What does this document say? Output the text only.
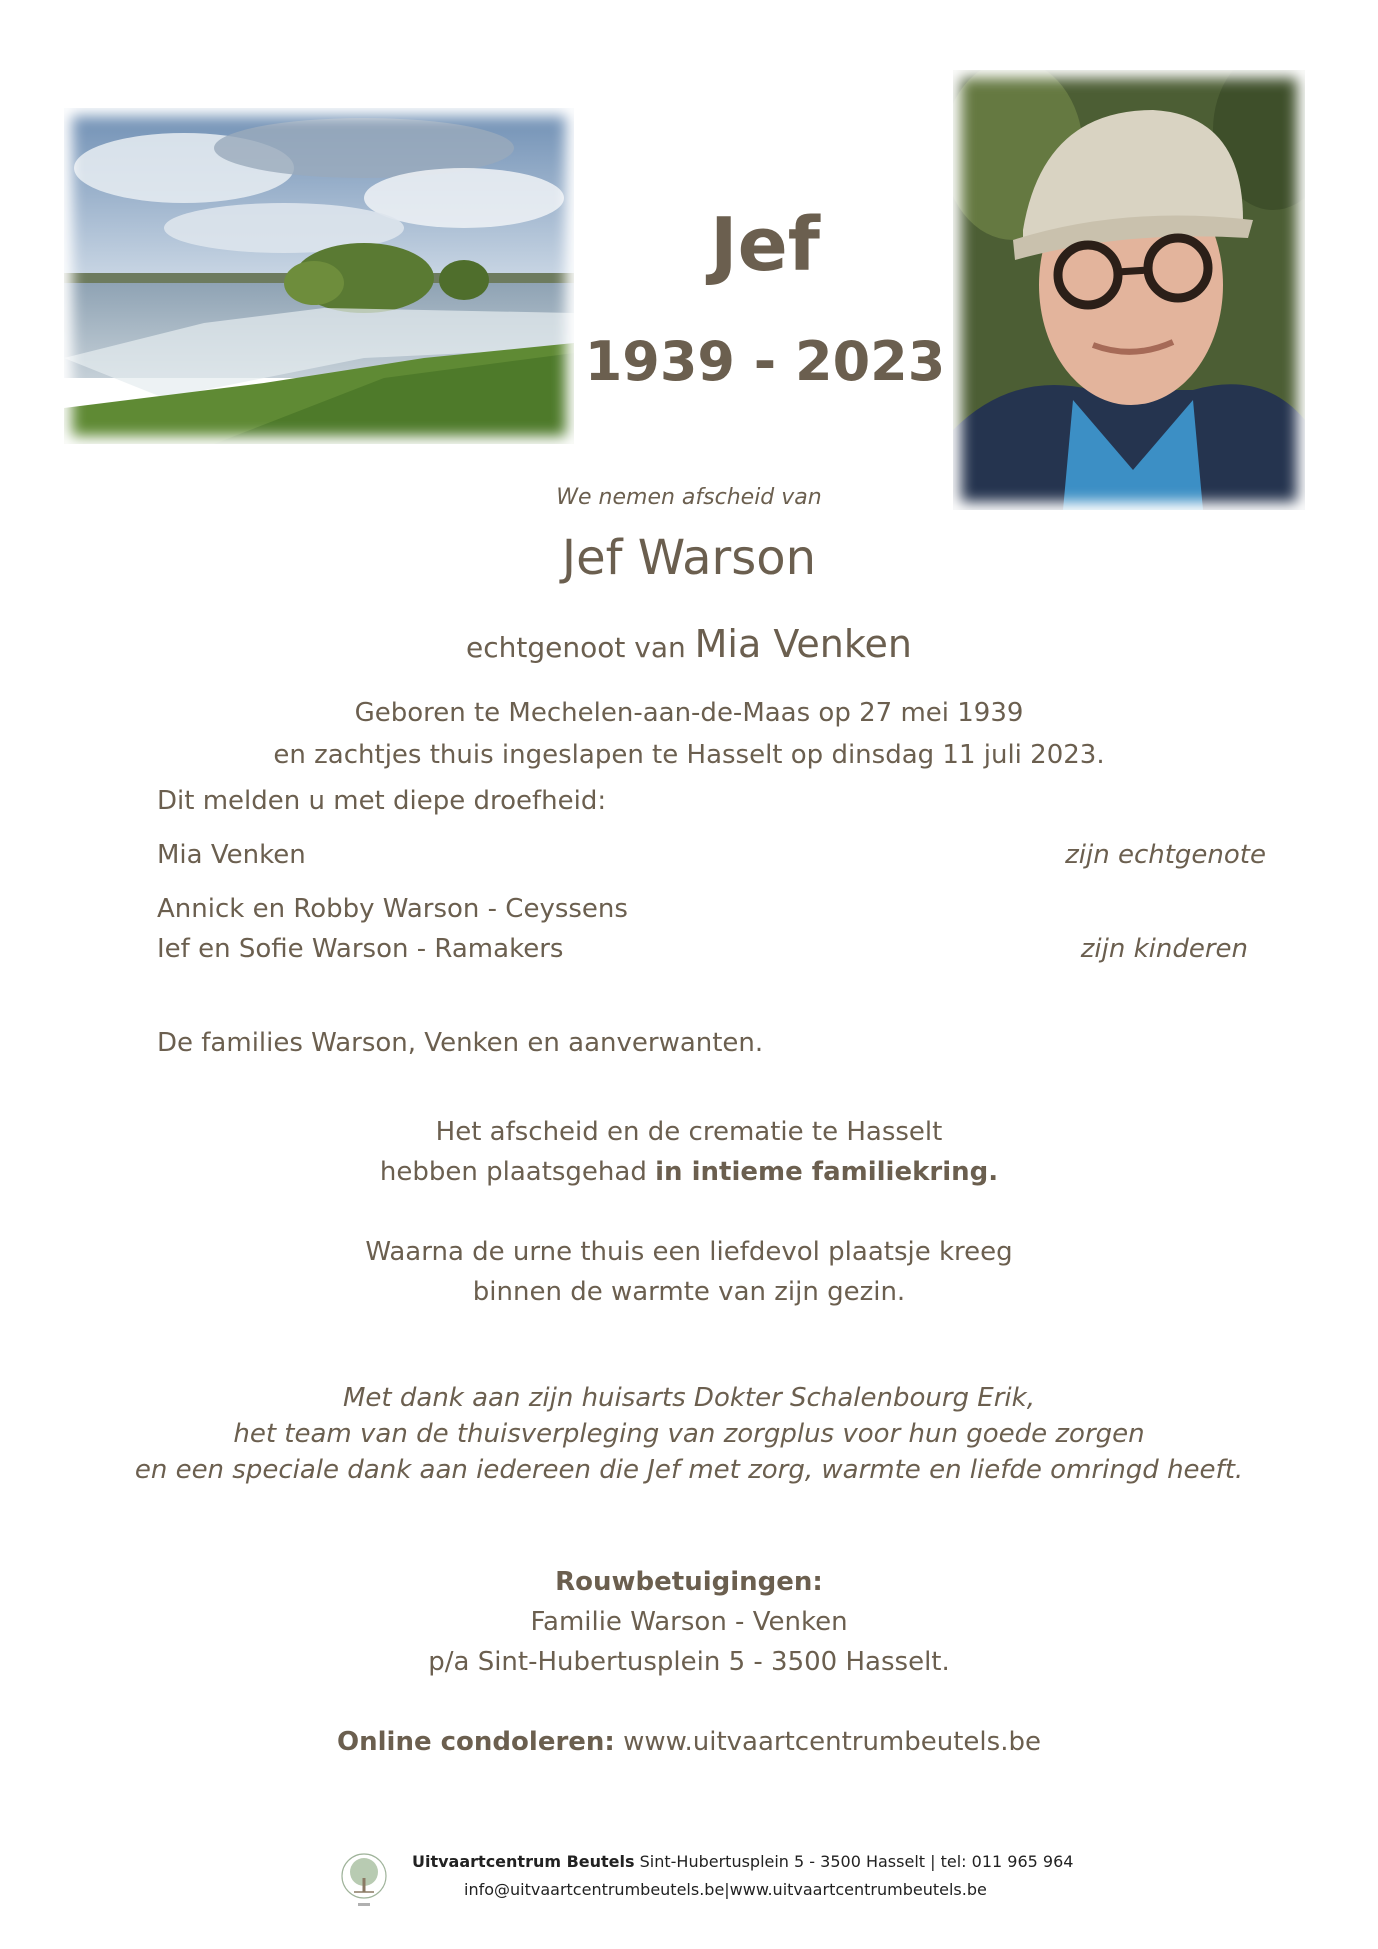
Jef
1939 - 2023
We nemen afscheid van
Jef Warson
echtgenoot van Mia Venken
Geboren te Mechelen-aan-de-Maas op 27 mei 1939
en zachtjes thuis ingeslapen te Hasselt op dinsdag 11 juli 2023.
Dit melden u met diepe droefheid:
Mia Venken	zijn echtgenote
Annick en Robby Warson - Ceyssens
Ief en Sofie Warson - Ramakers	zijn kinderen
De families Warson, Venken en aanverwanten.
Het afscheid en de crematie te Hasselt
hebben plaatsgehad in intieme familiekring.
Waarna de urne thuis een liefdevol plaatsje kreeg
binnen de warmte van zijn gezin.
Met dank aan zijn huisarts Dokter Schalenbourg Erik,
het team van de thuisverpleging van zorgplus voor hun goede zorgen
en een speciale dank aan iedereen die Jef met zorg, warmte en liefde omringd heeft.
Rouwbetuigingen:
Familie Warson - Venken
p/a Sint-Hubertusplein 5 - 3500 Hasselt.
Online condoleren: www.uitvaartcentrumbeutels.be
Uitvaartcentrum Beutels Sint-Hubertusplein 5 - 3500 Hasselt | tel: 011 965 964
info@uitvaartcentrumbeutels.be|www.uitvaartcentrumbeutels.be
